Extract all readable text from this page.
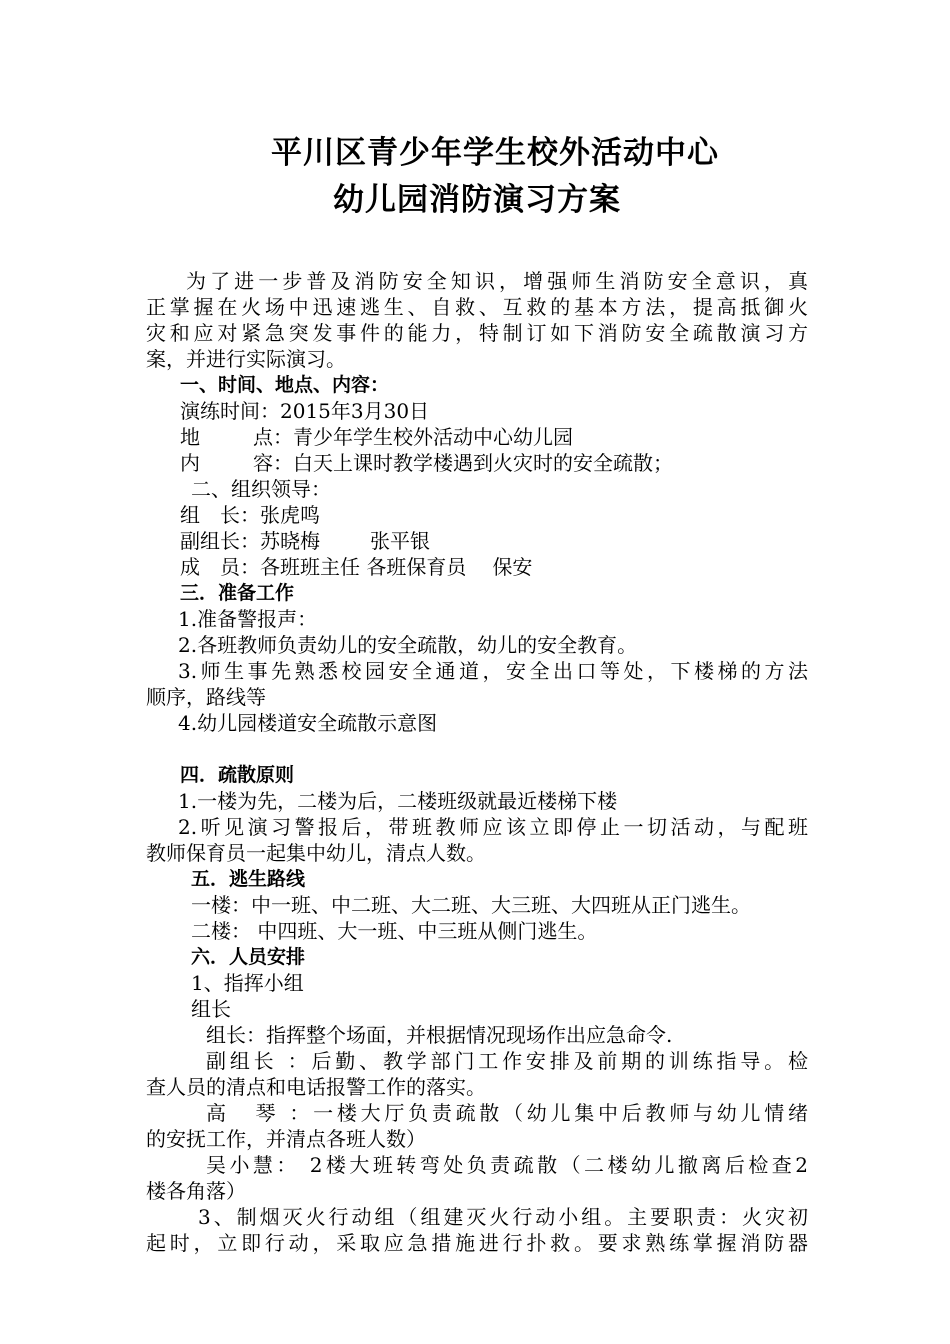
平川区青少年学生校外活动中心
幼儿园消防演习方案
为了进一步普及消防安全知识，增强师生消防安全意识，真
正掌握在火场中迅速逃生、自救、互救的基本方法，提高抵御火
灾和应对紧急突发事件的能力，特制订如下消防安全疏散演习方
案，并进行实际演习。
一、时间、地点、内容：
演练时间：2015年3月30日
地	点：青少年学生校外活动中心幼儿园
内	容：白天上课时教学楼遇到火灾时的安全疏散；
二、组织领导：
组 长：张虎鸣
副组长：苏晓梅	张平银
成 员：各班班主任 各班保育员 保安
三．准备工作
1.准备警报声：
2.各班教师负责幼儿的安全疏散，幼儿的安全教育。
3.师生事先熟悉校园安全通道，安全出口等处，下楼梯的方法
顺序，路线等
4.幼儿园楼道安全疏散示意图
四．疏散原则
1.一楼为先，二楼为后，二楼班级就最近楼梯下楼
2.听见演习警报后，带班教师应该立即停止一切活动，与配班
教师保育员一起集中幼儿，清点人数。
五．逃生路线
一楼：中一班、中二班、大二班、大三班、大四班从正门逃生。
二楼： 中四班、大一班、中三班从侧门逃生。
六．人员安排
1、指挥小组
组长
组长：指挥整个场面，并根据情况现场作出应急命令.
副组长 ：后勤、教学部门工作安排及前期的训练指导。检
查人员的清点和电话报警工作的落实。
高 琴 ：一楼大厅负责疏散（幼儿集中后教师与幼儿情绪
的安抚工作，并清点各班人数）
吴小慧： 2楼大班转弯处负责疏散（二楼幼儿撤离后检查2
楼各角落）
3、制烟灭火行动组（组建灭火行动小组。主要职责：火灾初
起时，立即行动，采取应急措施进行扑救。要求熟练掌握消防器
